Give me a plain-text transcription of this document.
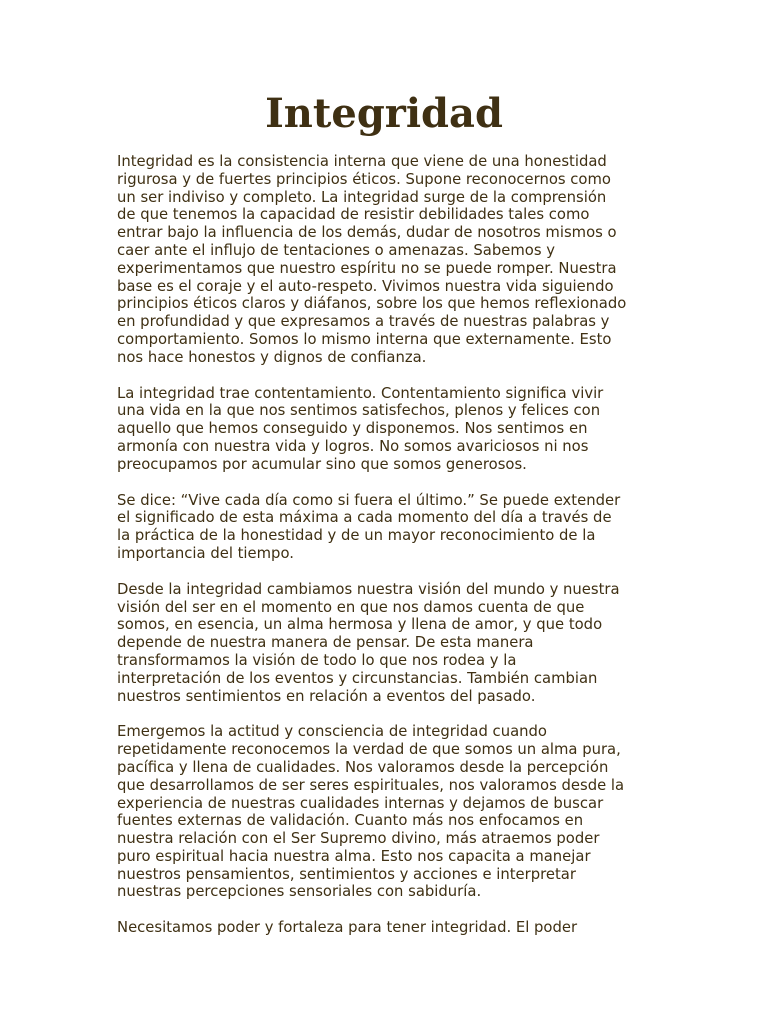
Integridad

Integridad es la consistencia interna que viene de una honestidad
rigurosa y de fuertes principios éticos. Supone reconocernos como
un ser indiviso y completo. La integridad surge de la comprensión
de que tenemos la capacidad de resistir debilidades tales como
entrar bajo la influencia de los demás, dudar de nosotros mismos o
caer ante el influjo de tentaciones o amenazas. Sabemos y
experimentamos que nuestro espíritu no se puede romper. Nuestra
base es el coraje y el auto-respeto. Vivimos nuestra vida siguiendo
principios éticos claros y diáfanos, sobre los que hemos reflexionado
en profundidad y que expresamos a través de nuestras palabras y
comportamiento. Somos lo mismo interna que externamente. Esto
nos hace honestos y dignos de confianza.

La integridad trae contentamiento. Contentamiento significa vivir
una vida en la que nos sentimos satisfechos, plenos y felices con
aquello que hemos conseguido y disponemos. Nos sentimos en
armonía con nuestra vida y logros. No somos avariciosos ni nos
preocupamos por acumular sino que somos generosos.

Se dice: “Vive cada día como si fuera el último.” Se puede extender
el significado de esta máxima a cada momento del día a través de
la práctica de la honestidad y de un mayor reconocimiento de la
importancia del tiempo.

Desde la integridad cambiamos nuestra visión del mundo y nuestra
visión del ser en el momento en que nos damos cuenta de que
somos, en esencia, un alma hermosa y llena de amor, y que todo
depende de nuestra manera de pensar. De esta manera
transformamos la visión de todo lo que nos rodea y la
interpretación de los eventos y circunstancias. También cambian
nuestros sentimientos en relación a eventos del pasado.

Emergemos la actitud y consciencia de integridad cuando
repetidamente reconocemos la verdad de que somos un alma pura,
pacífica y llena de cualidades. Nos valoramos desde la percepción
que desarrollamos de ser seres espirituales, nos valoramos desde la
experiencia de nuestras cualidades internas y dejamos de buscar
fuentes externas de validación. Cuanto más nos enfocamos en
nuestra relación con el Ser Supremo divino, más atraemos poder
puro espiritual hacia nuestra alma. Esto nos capacita a manejar
nuestros pensamientos, sentimientos y acciones e interpretar
nuestras percepciones sensoriales con sabiduría.

Necesitamos poder y fortaleza para tener integridad. El poder
